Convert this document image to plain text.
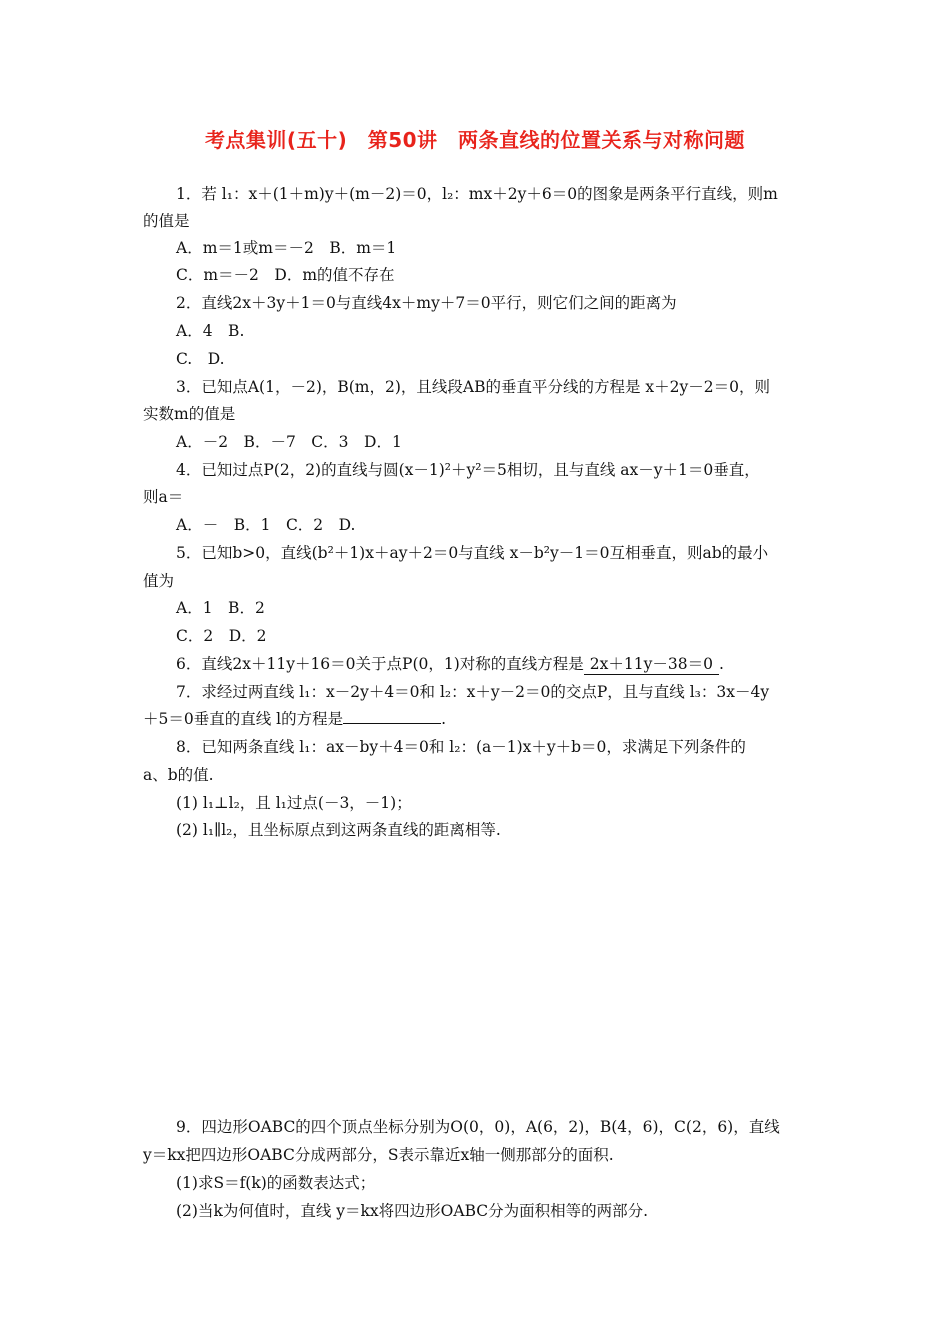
考点集训(五十)　第50讲　两条直线的位置关系与对称问题
1．若 l₁：x＋(1＋m)y＋(m－2)＝0，l₂：mx＋2y＋6＝0的图象是两条平行直线，则m
的值是
A．m＝1或m＝－2　B．m＝1
C．m＝－2　D．m的值不存在
2．直线2x＋3y＋1＝0与直线4x＋my＋7＝0平行，则它们之间的距离为
A．4　B.
C.　D.
3．已知点A(1，－2)，B(m，2)，且线段AB的垂直平分线的方程是 x＋2y－2＝0，则
实数m的值是
A．－2　B．－7　C．3　D．1
4．已知过点P(2，2)的直线与圆(x－1)²＋y²＝5相切，且与直线 ax－y＋1＝0垂直，
则a＝
A．－　B．1　C．2　D.
5．已知b>0，直线(b²＋1)x＋ay＋2＝0与直线 x－b²y－1＝0互相垂直，则ab的最小
值为
A．1　B．2
C．2　D．2
7．求经过两直线 l₁：x－2y＋4＝0和 l₂：x＋y－2＝0的交点P，且与直线 l₃：3x－4y
＋5＝0垂直的直线 l的方程是	.
8．已知两条直线 l₁：ax－by＋4＝0和 l₂：(a－1)x＋y＋b＝0，求满足下列条件的
a、b的值.
(1) l₁⊥l₂，且 l₁过点(－3，－1)；
(2) l₁∥l₂，且坐标原点到这两条直线的距离相等.
9．四边形OABC的四个顶点坐标分别为O(0，0)，A(6，2)，B(4，6)，C(2，6)，直线
y＝kx把四边形OABC分成两部分，S表示靠近x轴一侧那部分的面积.
(1)求S＝f(k)的函数表达式；
(2)当k为何值时，直线 y＝kx将四边形OABC分为面积相等的两部分.
6．直线2x＋11y＋16＝0关于点P(0，1)对称的直线方程是 2x＋11y－38＝0 .
